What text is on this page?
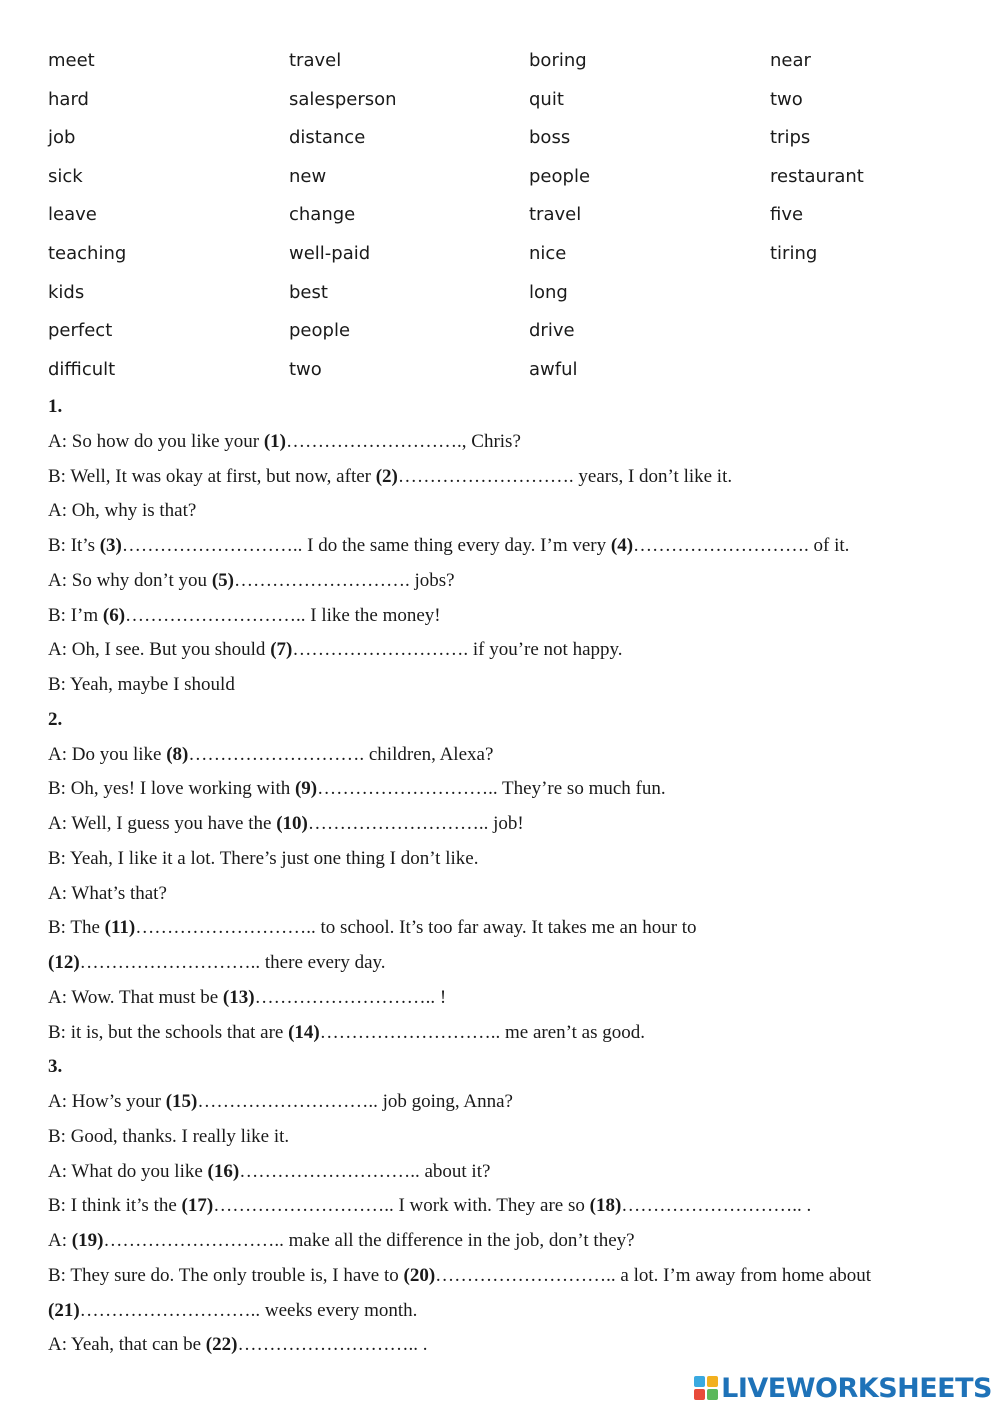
meet	travel	boring	near
hard	salesperson	quit	two
job	distance	boss	trips
sick	new	people	restaurant
leave	change	travel	five
teaching	well-paid	nice	tiring
kids	best	long
perfect	people	drive
difficult	two	awful
1.
A: So how do you like your (1)………………………., Chris?
B: Well, It was okay at first, but now, after (2)………………………. years, I don’t like it.
A: Oh, why is that?
B: It’s (3)……………………….. I do the same thing every day. I’m very (4)………………………. of it.
A: So why don’t you (5)………………………. jobs?
B: I’m (6)……………………….. I like the money!
A: Oh, I see. But you should (7)………………………. if you’re not happy.
B: Yeah, maybe I should
2.
A: Do you like (8)………………………. children, Alexa?
B: Oh, yes! I love working with (9)……………………….. They’re so much fun.
A: Well, I guess you have the (10)……………………….. job!
B: Yeah, I like it a lot. There’s just one thing I don’t like.
A: What’s that?
B: The (11)……………………….. to school. It’s too far away. It takes me an hour to
(12)……………………….. there every day.
A: Wow. That must be (13)……………………….. !
B: it is, but the schools that are (14)……………………….. me aren’t as good.
3.
A: How’s your (15)……………………….. job going, Anna?
B: Good, thanks. I really like it.
A: What do you like (16)……………………….. about it?
B: I think it’s the (17)……………………….. I work with. They are so (18)……………………….. .
A: (19)……………………….. make all the difference in the job, don’t they?
B: They sure do. The only trouble is, I have to (20)……………………….. a lot. I’m away from home about
(21)……………………….. weeks every month.
A: Yeah, that can be (22)……………………….. .
LIVEWORKSHEETS
